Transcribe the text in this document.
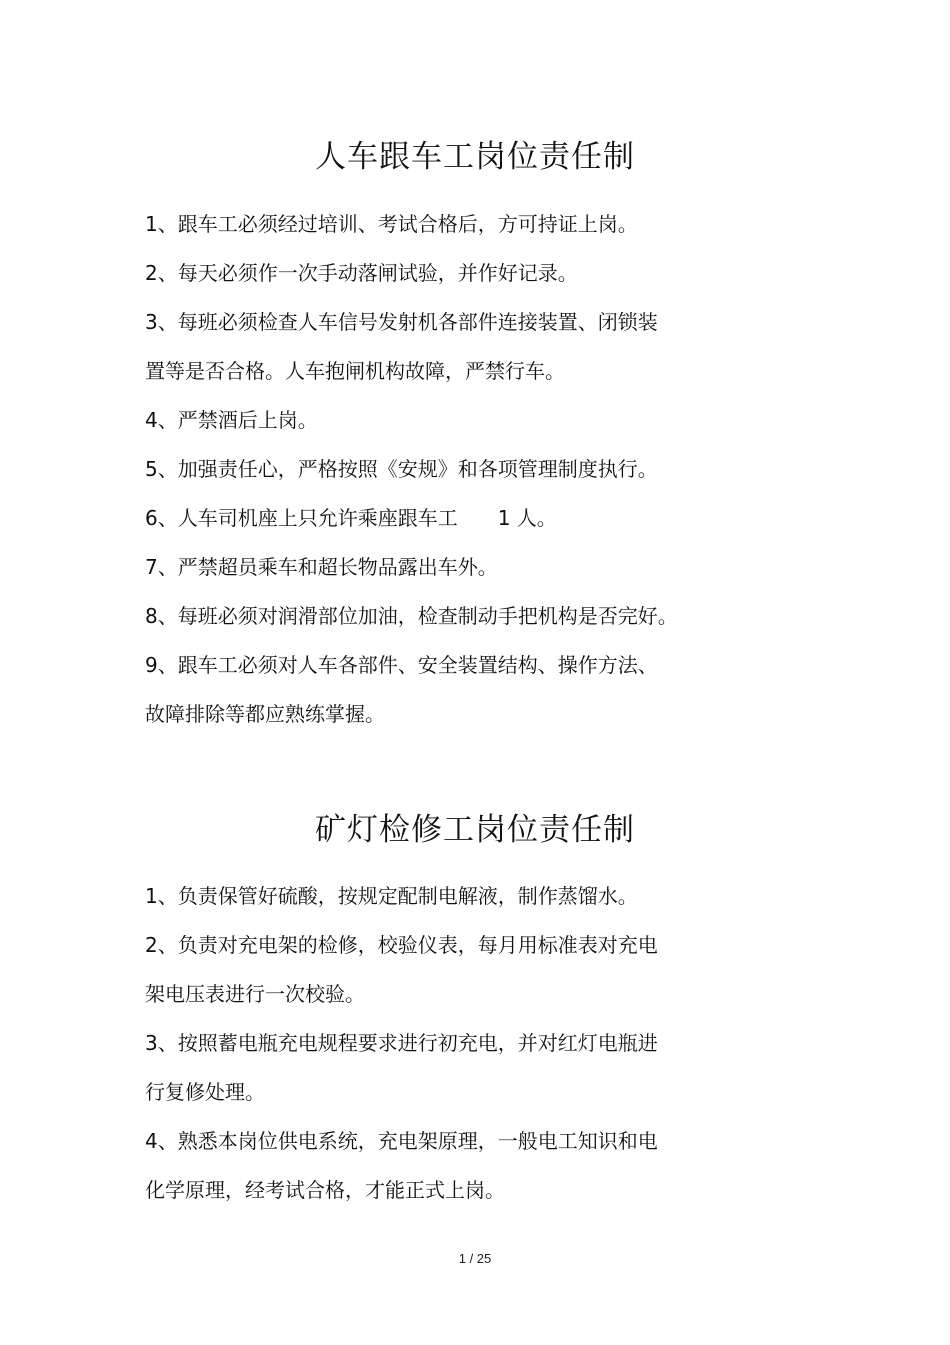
人车跟车工岗位责任制
1、跟车工必须经过培训、考试合格后，方可持证上岗。
2、每天必须作一次手动落闸试验，并作好记录。
3、每班必须检查人车信号发射机各部件连接装置、闭锁装
置等是否合格。人车抱闸机构故障，严禁行车。
4、严禁酒后上岗。
5、加强责任心，严格按照《安规》和各项管理制度执行。
6、人车司机座上只允许乘座跟车工　　1 人。
7、严禁超员乘车和超长物品露出车外。
8、每班必须对润滑部位加油，检查制动手把机构是否完好。
9、跟车工必须对人车各部件、安全装置结构、操作方法、
故障排除等都应熟练掌握。
矿灯检修工岗位责任制
1、负责保管好硫酸，按规定配制电解液，制作蒸馏水。
2、负责对充电架的检修，校验仪表，每月用标准表对充电
架电压表进行一次校验。
3、按照蓄电瓶充电规程要求进行初充电，并对红灯电瓶进
行复修处理。
4、熟悉本岗位供电系统，充电架原理，一般电工知识和电
化学原理，经考试合格，才能正式上岗。
1 / 25
